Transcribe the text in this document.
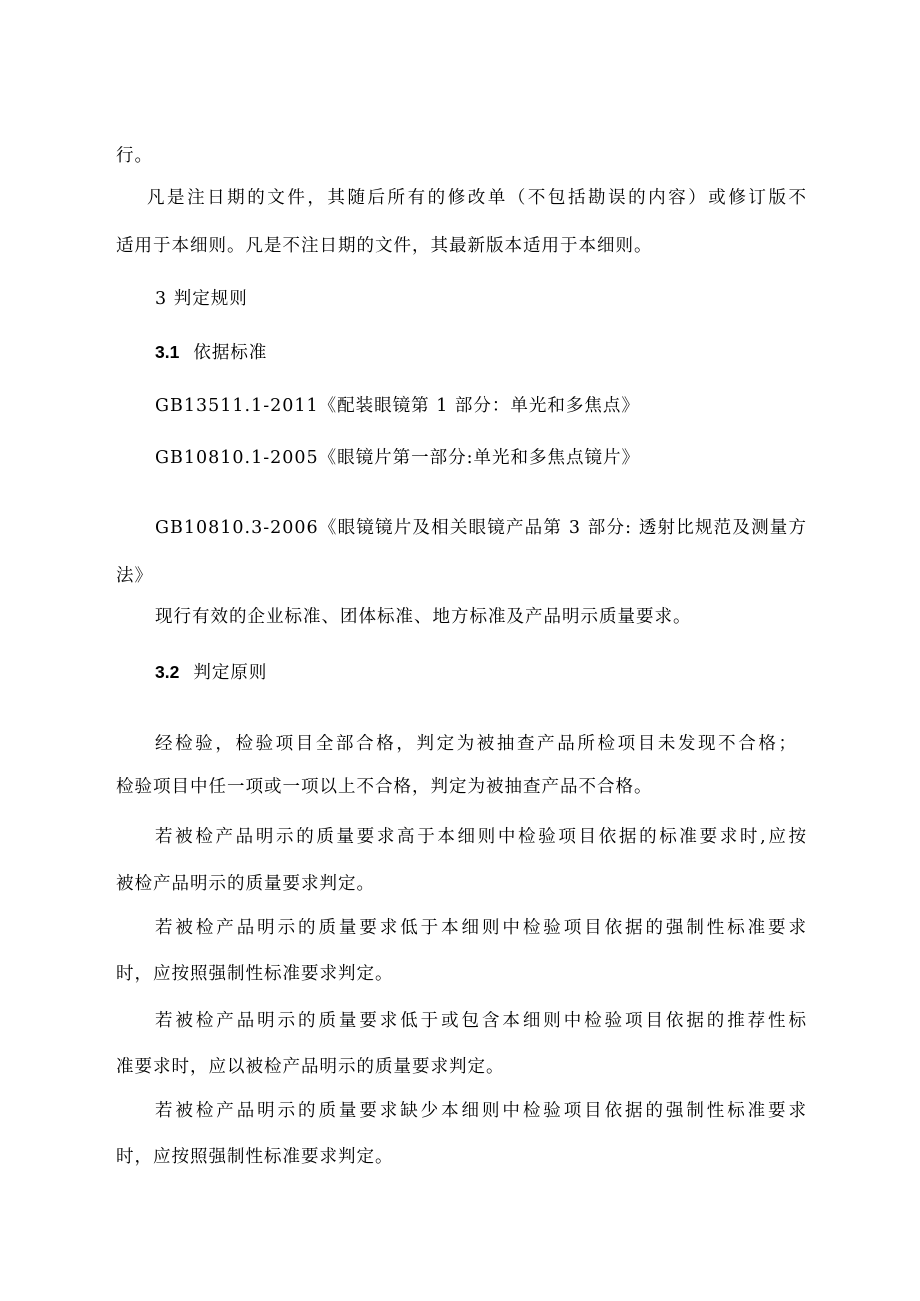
行。

凡是注日期的文件，其随后所有的修改单（不包括勘误的内容）或修订版不

适用于本细则。凡是不注日期的文件，其最新版本适用于本细则。

3 判定规则

3.1 依据标准

GB13511.1-2011《配装眼镜第 1 部分：单光和多焦点》

GB10810.1-2005《眼镜片第一部分:单光和多焦点镜片》

GB10810.3-2006《眼镜镜片及相关眼镜产品第 3 部分: 透射比规范及测量方

法》

现行有效的企业标准、团体标准、地方标准及产品明示质量要求。

3.2 判定原则

经检验，检验项目全部合格，判定为被抽查产品所检项目未发现不合格；

检验项目中任一项或一项以上不合格，判定为被抽查产品不合格。

若被检产品明示的质量要求高于本细则中检验项目依据的标准要求时,应按

被检产品明示的质量要求判定。

若被检产品明示的质量要求低于本细则中检验项目依据的强制性标准要求

时，应按照强制性标准要求判定。

若被检产品明示的质量要求低于或包含本细则中检验项目依据的推荐性标

准要求时，应以被检产品明示的质量要求判定。

若被检产品明示的质量要求缺少本细则中检验项目依据的强制性标准要求

时，应按照强制性标准要求判定。
